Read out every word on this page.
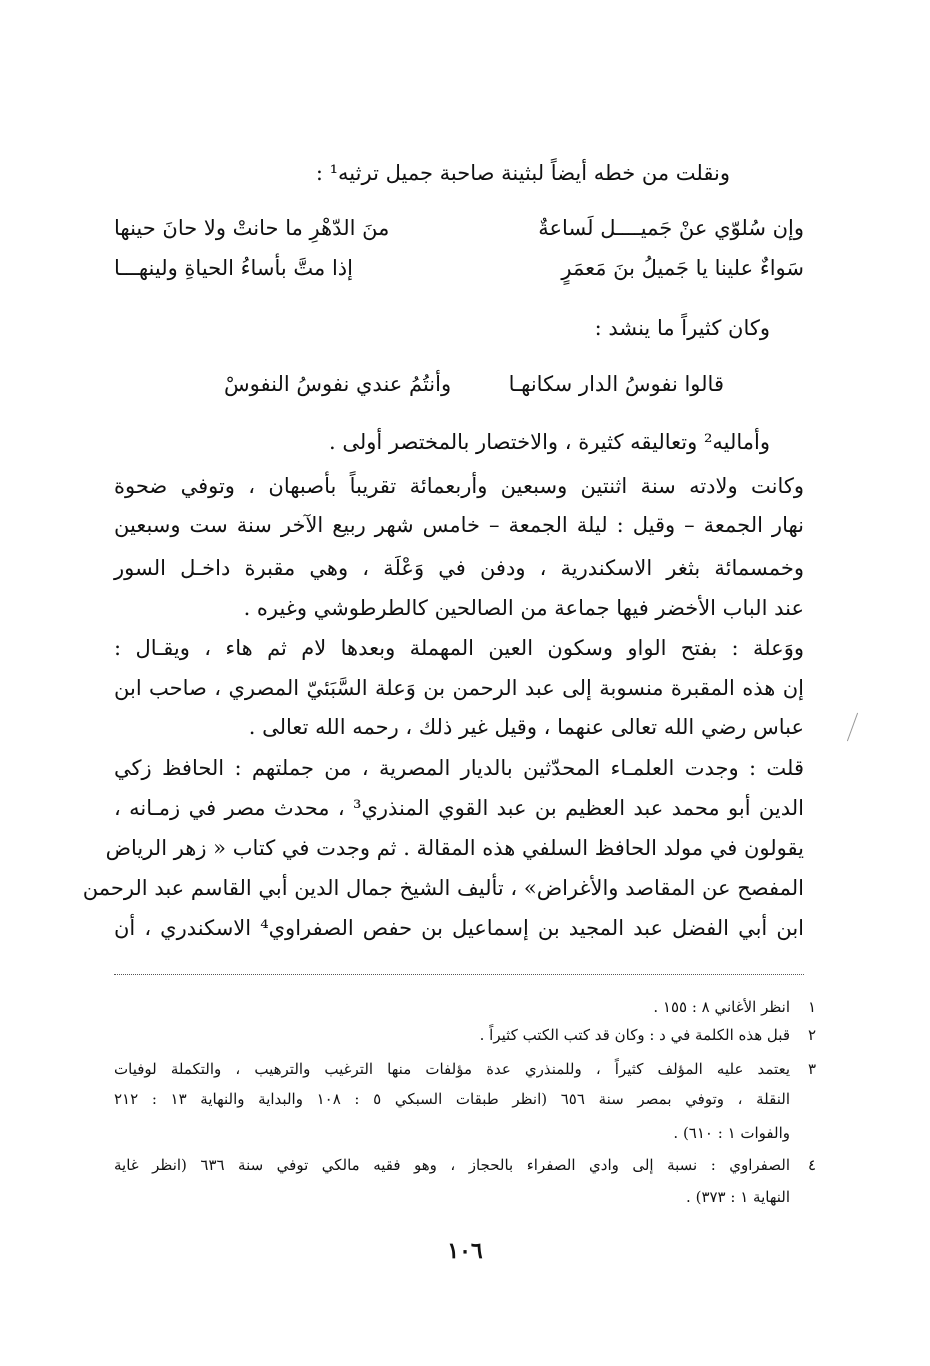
ونقلت من خطه أيضاً لبثينة صاحبة جميل ترثيه¹ :
وإن سُلوّي عنْ جَميــــل لَساعةٌ
منَ الدّهْرِ ما حانتْ ولا حانَ حينها
سَواءٌ علينا يا جَميلُ بنَ مَعمَرٍ
إذا متَّ بأساءُ الحياةِ ولينهـــا
وكان كثيراً ما ينشد :
قالوا نفوسُ الدار سكانهـا
وأنتُمُ عندي نفوسُ النفوسْ
وأماليه² وتعاليقه كثيرة ، والاختصار بالمختصر أولى .
وكانت ولادته سنة اثنتين وسبعين وأربعمائة تقريباً بأصبهان ، وتوفي ضحوة
نهار الجمعة – وقيل : ليلة الجمعة – خامس شهر ربيع الآخر سنة ست وسبعين
وخمسمائة بثغر الاسكندرية ، ودفن في وَعْلَة ، وهي مقبرة داخـل السور
عند الباب الأخضر فيها جماعة من الصالحين كالطرطوشي وغيره .
ووَعلة : بفتح الواو وسكون العين المهملة وبعدها لام ثم هاء ، ويقـال :
إن هذه المقبرة منسوبة إلى عبد الرحمن بن وَعلة السَّبَئيّ المصري ، صاحب ابن
عباس رضي الله تعالى عنهما ، وقيل غير ذلك ، رحمه الله تعالى .
قلت : وجدت العلمـاء المحدّثين بالديار المصرية ، من جملتهم : الحافظ زكي
الدين أبو محمد عبد العظيم بن عبد القوي المنذري³ ، محدث مصر في زمـانه ،
يقولون في مولد الحافظ السلفي هذه المقالة . ثم وجدت في كتاب « زهر الرياض
المفصح عن المقاصد والأغراض» ، تأليف الشيخ جمال الدين أبي القاسم عبد الرحمن
ابن أبي الفضل عبد المجيد بن إسماعيل بن حفص الصفراوي⁴ الاسكندري ، أن
١
انظر الأغاني ٨ : ١٥٥ .
٢
قبل هذه الكلمة في د : وكان قد كتب الكتب كثيراً .
٣
يعتمد عليه المؤلف كثيراً ، وللمنذري عدة مؤلفات منها الترغيب والترهيب ، والتكملة لوفيات
النقلة ، وتوفي بمصر سنة ٦٥٦ (انظر طبقات السبكي ٥ : ١٠٨ والبداية والنهاية ١٣ : ٢١٢
والفوات ١ : ٦١٠) .
٤
الصفراوي : نسبة إلى وادي الصفراء بالحجاز ، وهو فقيه مالكي توفي سنة ٦٣٦ (انظر غاية
النهاية ١ : ٣٧٣) .
١٠٦
